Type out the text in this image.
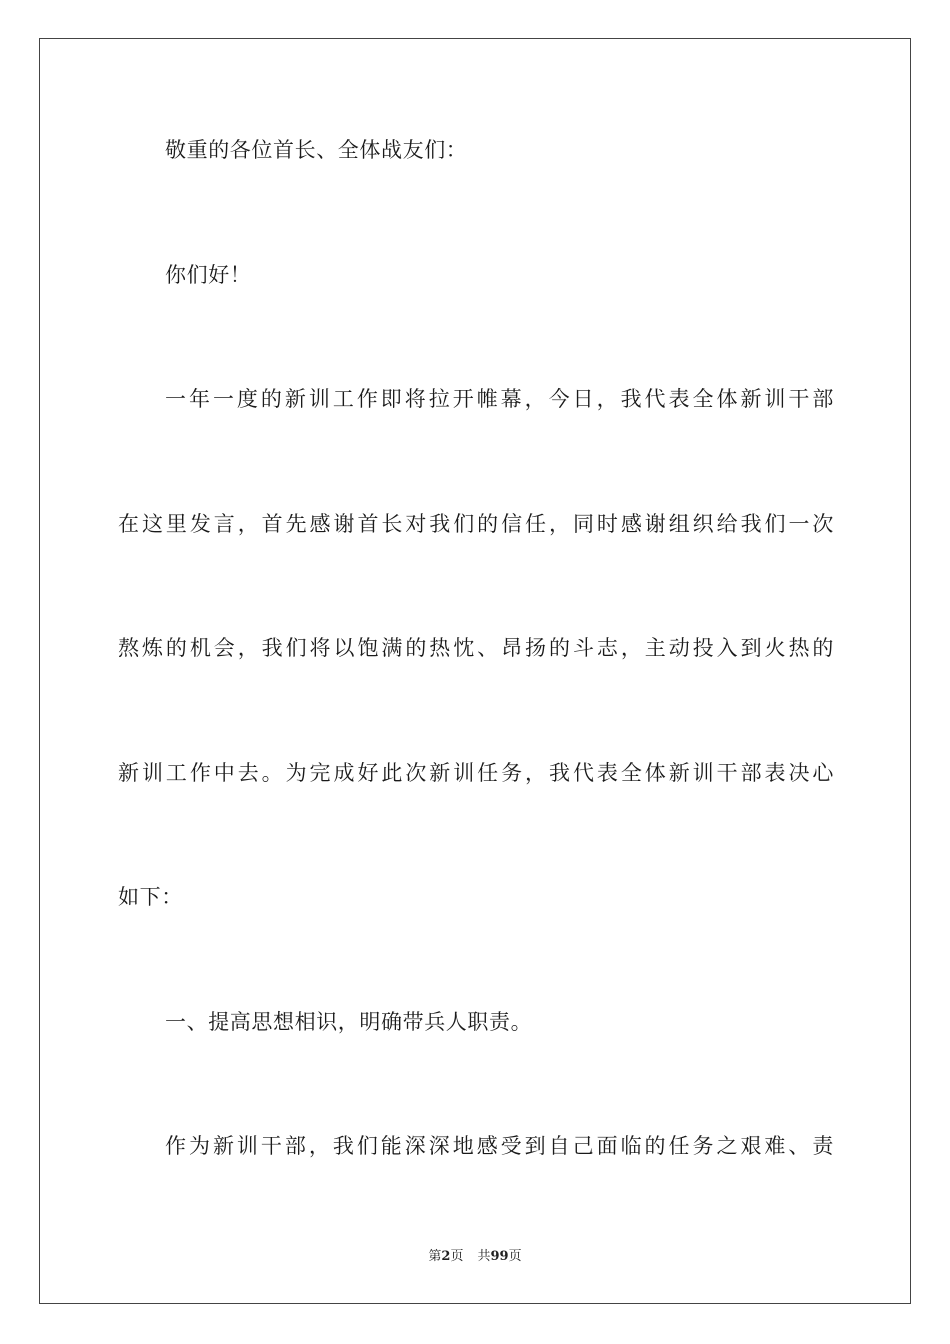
敬重的各位首长、全体战友们：
你们好！
一年一度的新训工作即将拉开帷幕，今日，我代表全体新训干部
在这里发言，首先感谢首长对我们的信任，同时感谢组织给我们一次
熬炼的机会，我们将以饱满的热忱、昂扬的斗志，主动投入到火热的
新训工作中去。为完成好此次新训任务，我代表全体新训干部表决心
如下：
一、提高思想相识，明确带兵人职责。
作为新训干部，我们能深深地感受到自己面临的任务之艰难、责
第2页 共99页
